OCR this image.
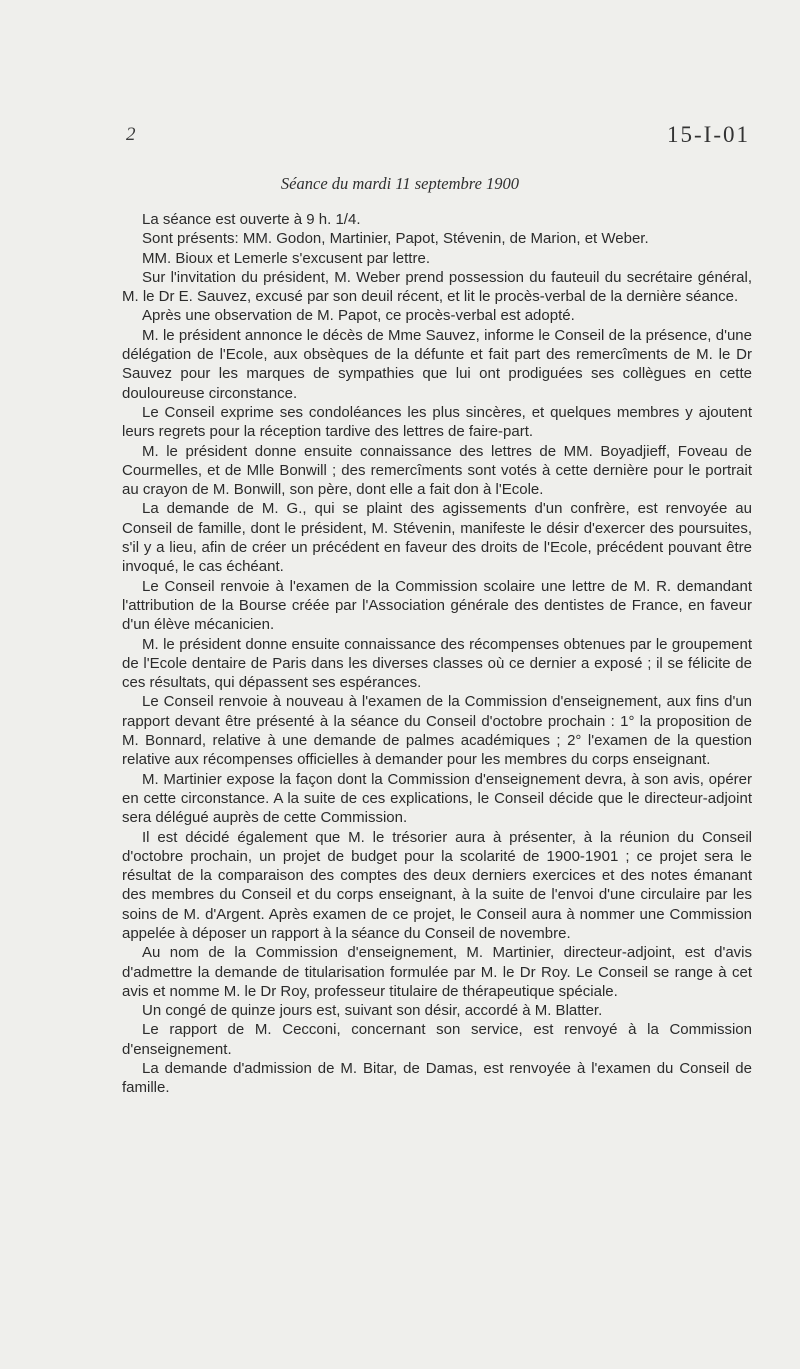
2	15-I-01
Séance du mardi 11 septembre 1900

La séance est ouverte à 9 h. 1/4.

Sont présents: MM. Godon, Martinier, Papot, Stévenin, de Marion, et Weber.

MM. Bioux et Lemerle s'excusent par lettre.

Sur l'invitation du président, M. Weber prend possession du fauteuil du secrétaire général, M. le Dr E. Sauvez, excusé par son deuil récent, et lit le procès-verbal de la dernière séance.

Après une observation de M. Papot, ce procès-verbal est adopté.

M. le président annonce le décès de Mme Sauvez, informe le Conseil de la présence, d'une délégation de l'Ecole, aux obsèques de la défunte et fait part des remercîments de M. le Dr Sauvez pour les marques de sympathies que lui ont prodiguées ses collègues en cette douloureuse circonstance.

Le Conseil exprime ses condoléances les plus sincères, et quelques membres y ajoutent leurs regrets pour la réception tardive des lettres de faire-part.

M. le président donne ensuite connaissance des lettres de MM. Boyadjieff, Foveau de Courmelles, et de Mlle Bonwill ; des remercîments sont votés à cette dernière pour le portrait au crayon de M. Bonwill, son père, dont elle a fait don à l'Ecole.

La demande de M. G., qui se plaint des agissements d'un confrère, est renvoyée au Conseil de famille, dont le président, M. Stévenin, manifeste le désir d'exercer des poursuites, s'il y a lieu, afin de créer un précédent en faveur des droits de l'Ecole, précédent pouvant être invoqué, le cas échéant.

Le Conseil renvoie à l'examen de la Commission scolaire une lettre de M. R. demandant l'attribution de la Bourse créée par l'Association générale des dentistes de France, en faveur d'un élève mécanicien.

M. le président donne ensuite connaissance des récompenses obtenues par le groupement de l'Ecole dentaire de Paris dans les diverses classes où ce dernier a exposé ; il se félicite de ces résultats, qui dépassent ses espérances.

Le Conseil renvoie à nouveau à l'examen de la Commission d'enseignement, aux fins d'un rapport devant être présenté à la séance du Conseil d'octobre prochain : 1° la proposition de M. Bonnard, relative à une demande de palmes académiques ; 2° l'examen de la question relative aux récompenses officielles à demander pour les membres du corps enseignant.

M. Martinier expose la façon dont la Commission d'enseignement devra, à son avis, opérer en cette circonstance. A la suite de ces explications, le Conseil décide que le directeur-adjoint sera délégué auprès de cette Commission.

Il est décidé également que M. le trésorier aura à présenter, à la réunion du Conseil d'octobre prochain, un projet de budget pour la scolarité de 1900-1901 ; ce projet sera le résultat de la comparaison des comptes des deux derniers exercices et des notes émanant des membres du Conseil et du corps enseignant, à la suite de l'envoi d'une circulaire par les soins de M. d'Argent. Après examen de ce projet, le Conseil aura à nommer une Commission appelée à déposer un rapport à la séance du Conseil de novembre.

Au nom de la Commission d'enseignement, M. Martinier, directeur-adjoint, est d'avis d'admettre la demande de titularisation formulée par M. le Dr Roy. Le Conseil se range à cet avis et nomme M. le Dr Roy, professeur titulaire de thérapeutique spéciale.

Un congé de quinze jours est, suivant son désir, accordé à M. Blatter.

Le rapport de M. Cecconi, concernant son service, est renvoyé à la Commission d'enseignement.

La demande d'admission de M. Bitar, de Damas, est renvoyée à l'examen du Conseil de famille.
